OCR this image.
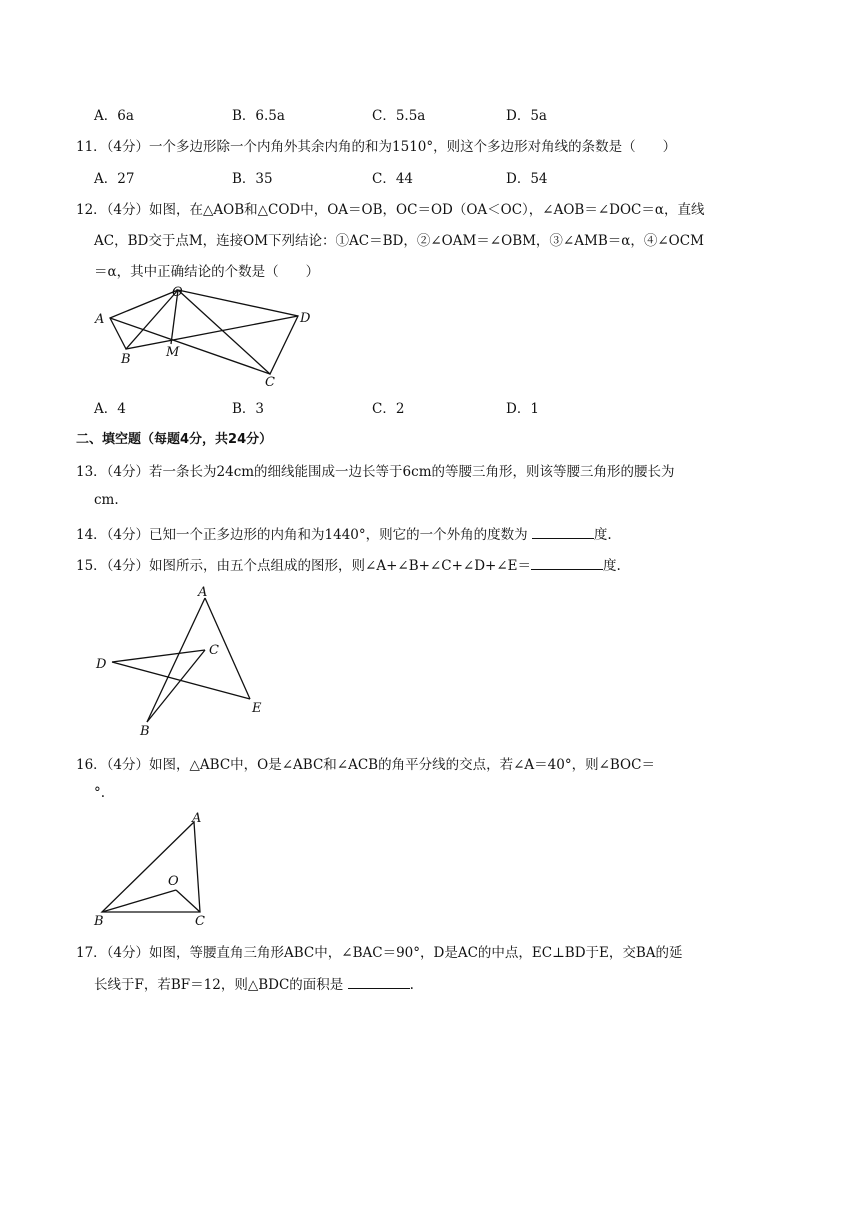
A．6a	B．6.5a	C．5.5a	D．5a
11．（4分）一个多边形除一个内角外其余内角的和为1510°，则这个多边形对角线的条数是（　　）
A．27	B．35	C．44	D．54
12．（4分）如图，在△AOB和△COD中，OA＝OB，OC＝OD（OA＜OC），∠AOB＝∠DOC＝α，直线
AC，BD交于点M，连接OM下列结论：①AC＝BD，②∠OAM＝∠OBM，③∠AMB＝α，④∠OCM
＝α，其中正确结论的个数是（　　）
O
A	D
B	M
C
A．4	B．3	C．2	D．1
二、填空题（每题4分，共24分）
13．（4分）若一条长为24cm的细线能围成一边长等于6cm的等腰三角形，则该等腰三角形的腰长为
cm.
14．（4分）已知一个正多边形的内角和为1440°，则它的一个外角的度数为	度.
15．（4分）如图所示，由五个点组成的图形，则∠A+∠B+∠C+∠D+∠E＝	度.
A
C
D
E
B
16．（4分）如图，△ABC中，O是∠ABC和∠ACB的角平分线的交点，若∠A＝40°，则∠BOC＝
°.
A
O
B	C
17．（4分）如图，等腰直角三角形ABC中，∠BAC＝90°，D是AC的中点，EC⊥BD于E，交BA的延
长线于F，若BF＝12，则△BDC的面积是	.
